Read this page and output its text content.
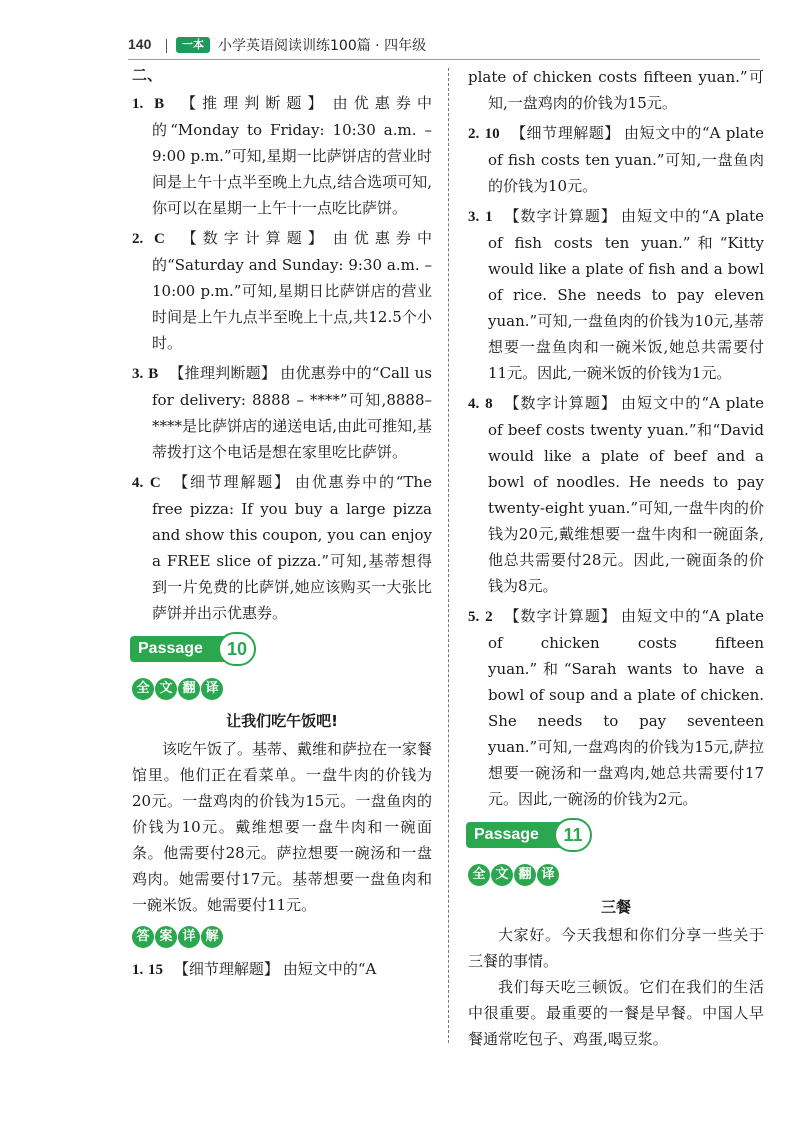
140	一本	小学英语阅读训练100篇 · 四年级
二、
1. B 【推理判断题】 由优惠券中的“Monday to Friday: 10:30 a.m. – 9:00 p.m.”可知,星期一比萨饼店的营业时间是上午十点半至晚上九点,结合选项可知,你可以在星期一上午十一点吃比萨饼。
2. C 【数字计算题】 由优惠券中的“Saturday and Sunday: 9:30 a.m. – 10:00 p.m.”可知,星期日比萨饼店的营业时间是上午九点半至晚上十点,共12.5个小时。
3. B 【推理判断题】 由优惠券中的“Call us for delivery: 8888 – ****”可知,8888– ****是比萨饼店的递送电话,由此可推知,基蒂拨打这个电话是想在家里吃比萨饼。
4. C 【细节理解题】 由优惠券中的“The free pizza: If you buy a large pizza and show this coupon, you can enjoy a FREE slice of pizza.”可知,基蒂想得到一片免费的比萨饼,她应该购买一大张比萨饼并出示优惠券。
Passage	10
全 文 翻 译
让我们吃午饭吧!

该吃午饭了。基蒂、戴维和萨拉在一家餐馆里。他们正在看菜单。一盘牛肉的价钱为20元。一盘鸡肉的价钱为15元。一盘鱼肉的价钱为10元。戴维想要一盘牛肉和一碗面条。他需要付28元。萨拉想要一碗汤和一盘鸡肉。她需要付17元。基蒂想要一盘鱼肉和一碗米饭。她需要付11元。

答 案 详 解
1. 15 【细节理解题】 由短文中的“A
plate of chicken costs fifteen yuan.”可知,一盘鸡肉的价钱为15元。
2. 10 【细节理解题】 由短文中的“A plate of fish costs ten yuan.”可知,一盘鱼肉的价钱为10元。
3. 1 【数字计算题】 由短文中的“A plate of fish costs ten yuan.”和“Kitty would like a plate of fish and a bowl of rice. She needs to pay eleven yuan.”可知,一盘鱼肉的价钱为10元,基蒂想要一盘鱼肉和一碗米饭,她总共需要付11元。因此,一碗米饭的价钱为1元。
4. 8 【数字计算题】 由短文中的“A plate of beef costs twenty yuan.”和“David would like a plate of beef and a bowl of noodles. He needs to pay twenty-eight yuan.”可知,一盘牛肉的价钱为20元,戴维想要一盘牛肉和一碗面条,他总共需要付28元。因此,一碗面条的价钱为8元。
5. 2 【数字计算题】 由短文中的“A plate of chicken costs fifteen yuan.”和“Sarah wants to have a bowl of soup and a plate of chicken. She needs to pay seventeen yuan.”可知,一盘鸡肉的价钱为15元,萨拉想要一碗汤和一盘鸡肉,她总共需要付17元。因此,一碗汤的价钱为2元。
Passage	11
全 文 翻 译
三餐

大家好。今天我想和你们分享一些关于三餐的事情。

我们每天吃三顿饭。它们在我们的生活中很重要。最重要的一餐是早餐。中国人早餐通常吃包子、鸡蛋,喝豆浆。
